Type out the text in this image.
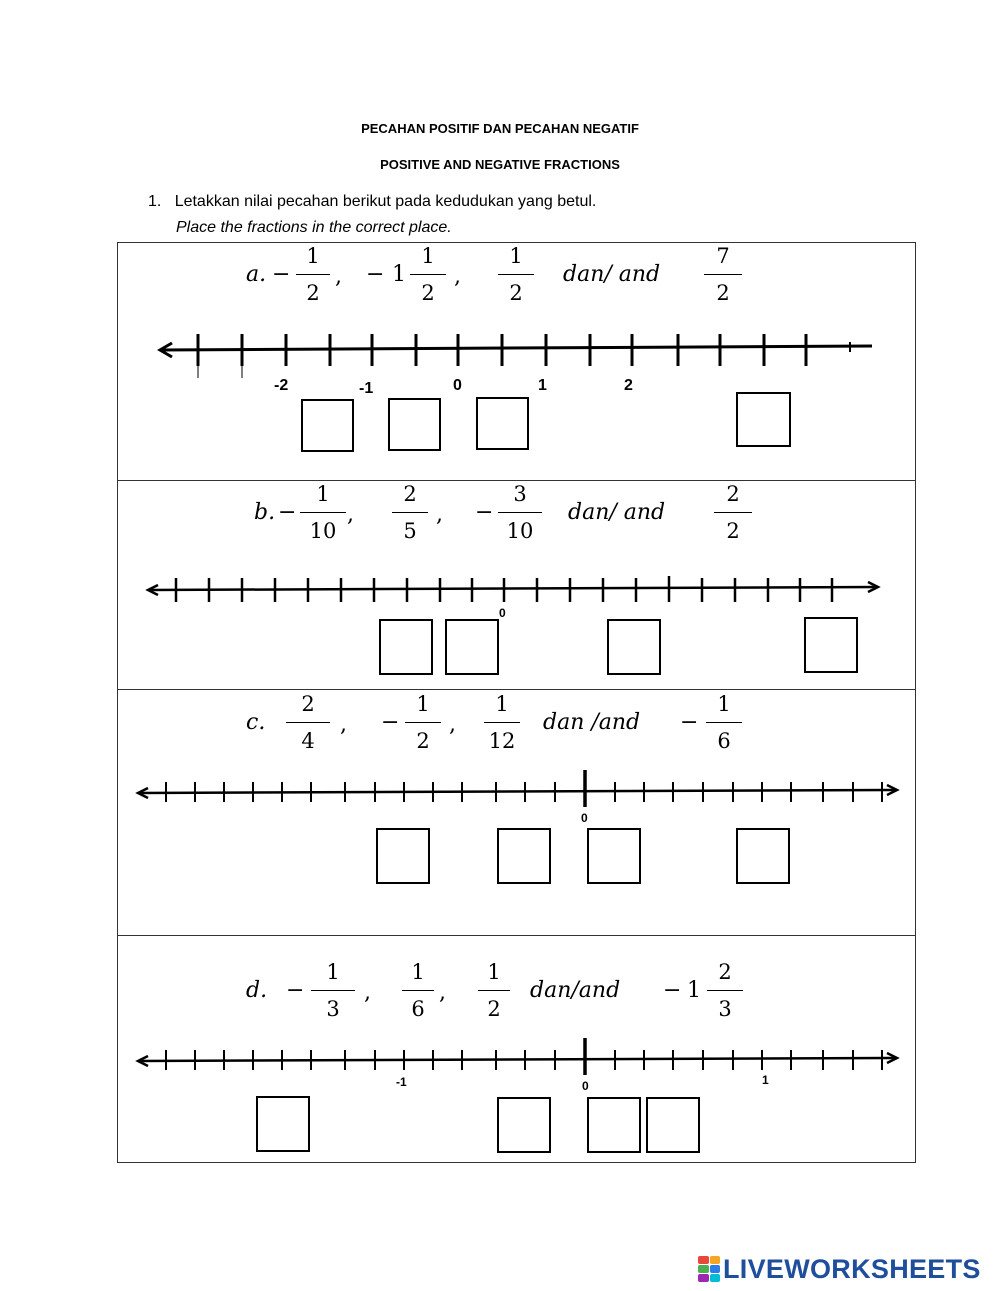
PECAHAN POSITIF DAN PECAHAN NEGATIF
POSITIVE AND NEGATIVE FRACTIONS
1. Letakkan nilai pecahan berikut pada kedudukan yang betul.
Place the fractions in the correct place.
a. −
1
2
, − 1
1
2
,
1
2
dan/ and
7
2
-2	-1	0	1	2
b. −
1
10
,
2
5
, −
3
10
dan/ and
2
2
0
c.
2
4
, −
1
2
,
1
12
dan /and −
1
6
0
d. −
1
3
,
1
6
,
1
2
dan/and − 1
2
3
-1	0	1
LIVEWORKSHEETS
